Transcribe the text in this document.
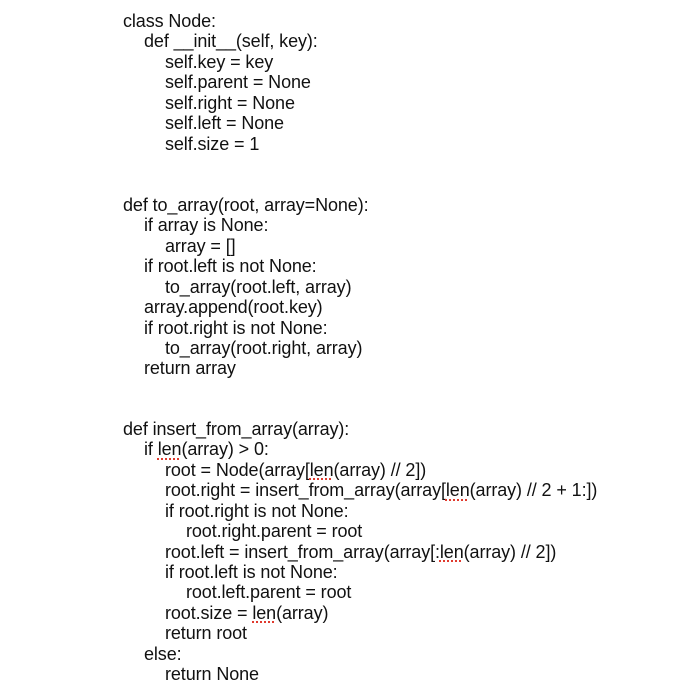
class Node:
def __init__(self, key):
self.key = key
self.parent = None
self.right = None
self.left = None
self.size = 1
def to_array(root, array=None):
if array is None:
array = []
if root.left is not None:
to_array(root.left, array)
array.append(root.key)
if root.right is not None:
to_array(root.right, array)
return array
def insert_from_array(array):
if len(array) > 0:
root = Node(array[len(array) // 2])
root.right = insert_from_array(array[len(array) // 2 + 1:])
if root.right is not None:
root.right.parent = root
root.left = insert_from_array(array[:len(array) // 2])
if root.left is not None:
root.left.parent = root
root.size = len(array)
return root
else:
return None
